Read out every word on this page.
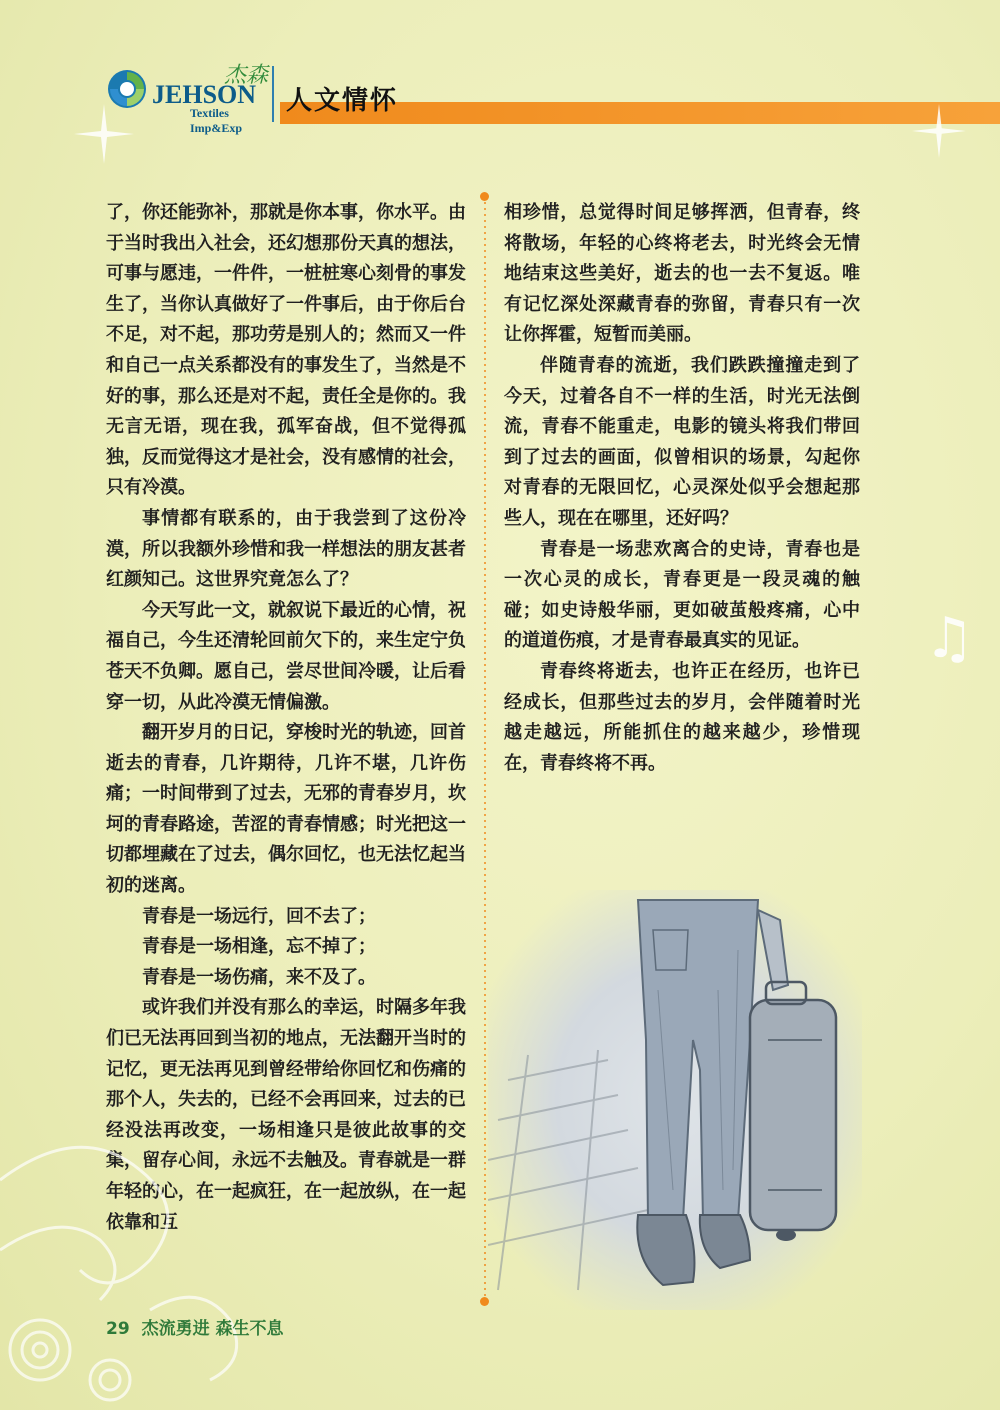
JEHSON
杰森
Textiles Imp&Exp
人文情怀

了，你还能弥补，那就是你本事，你水平。由于当时我出入社会，还幻想那份天真的想法，可事与愿违，一件件，一桩桩寒心刻骨的事发生了，当你认真做好了一件事后，由于你后台不足，对不起，那功劳是别人的；然而又一件和自己一点关系都没有的事发生了，当然是不好的事，那么还是对不起，责任全是你的。我无言无语，现在我，孤军奋战，但不觉得孤独，反而觉得这才是社会，没有感情的社会，只有冷漠。

事情都有联系的，由于我尝到了这份冷漠，所以我额外珍惜和我一样想法的朋友甚者红颜知己。这世界究竟怎么了？

今天写此一文，就叙说下最近的心情，祝福自己，今生还清轮回前欠下的，来生定宁负苍天不负卿。愿自己，尝尽世间冷暖，让后看穿一切，从此冷漠无情偏激。

翻开岁月的日记，穿梭时光的轨迹，回首逝去的青春，几许期待，几许不堪，几许伤痛；一时间带到了过去，无邪的青春岁月，坎坷的青春路途，苦涩的青春情感；时光把这一切都埋藏在了过去，偶尔回忆，也无法忆起当初的迷离。

青春是一场远行，回不去了；

青春是一场相逢，忘不掉了；

青春是一场伤痛，来不及了。

或许我们并没有那么的幸运，时隔多年我们已无法再回到当初的地点，无法翻开当时的记忆，更无法再见到曾经带给你回忆和伤痛的那个人，失去的，已经不会再回来，过去的已经没法再改变，一场相逢只是彼此故事的交集，留存心间，永远不去触及。青春就是一群年轻的心，在一起疯狂，在一起放纵，在一起依靠和互

相珍惜，总觉得时间足够挥洒，但青春，终将散场，年轻的心终将老去，时光终会无情地结束这些美好，逝去的也一去不复返。唯有记忆深处深藏青春的弥留，青春只有一次让你挥霍，短暂而美丽。

伴随青春的流逝，我们跌跌撞撞走到了今天，过着各自不一样的生活，时光无法倒流，青春不能重走，电影的镜头将我们带回到了过去的画面，似曾相识的场景，勾起你对青春的无限回忆，心灵深处似乎会想起那些人，现在在哪里，还好吗？

青春是一场悲欢离合的史诗，青春也是一次心灵的成长，青春更是一段灵魂的触碰；如史诗般华丽，更如破茧般疼痛，心中的道道伤痕，才是青春最真实的见证。

青春终将逝去，也许正在经历，也许已经成长，但那些过去的岁月，会伴随着时光越走越远，所能抓住的越来越少，珍惜现在，青春终将不再。

♫
29 杰流勇进 森生不息
